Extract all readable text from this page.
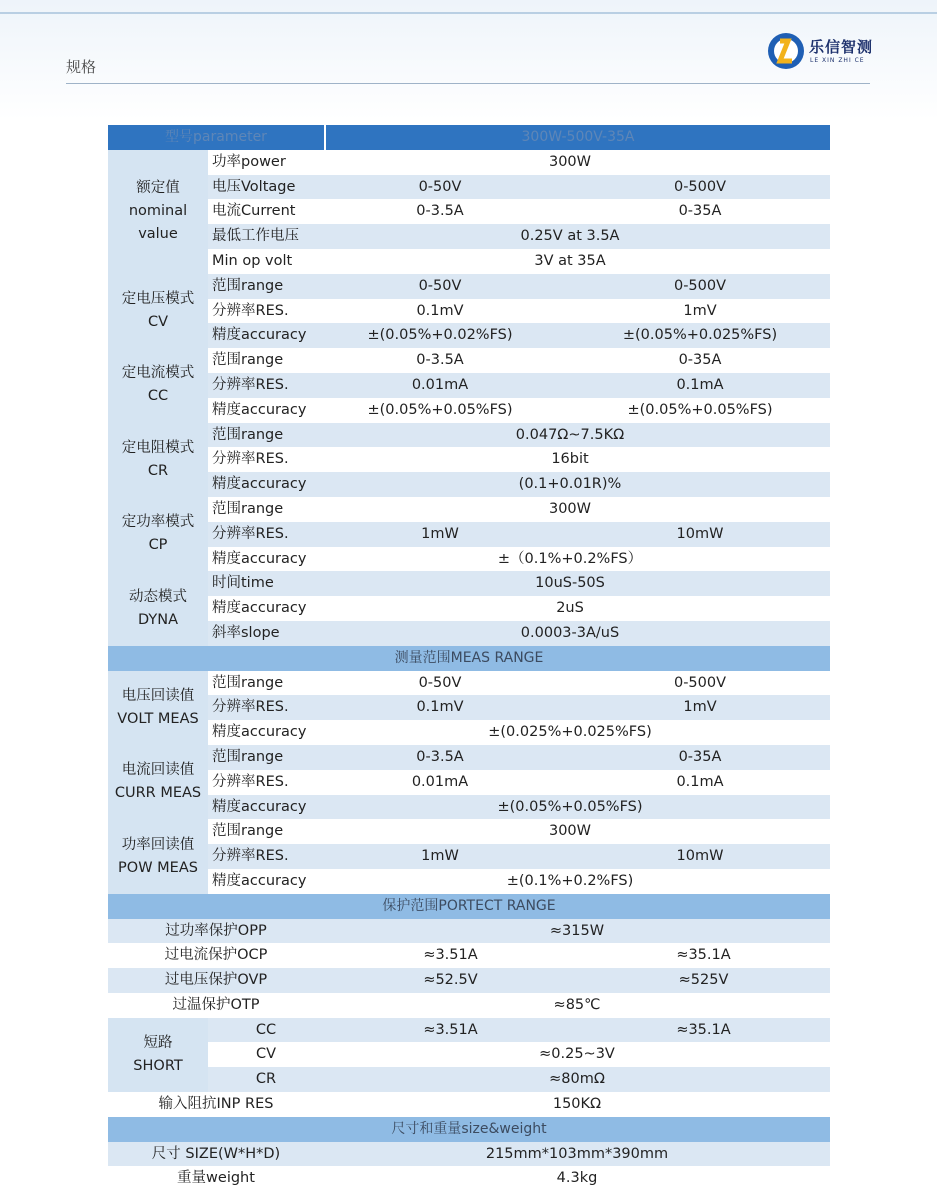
规格
乐信智测
LE XIN ZHI CE
型号parameter	300W-500V-35A
额定值
nominal
value
功率power	300W
电压Voltage	0-50V	0-500V
电流Current	0-3.5A	0-35A
最低工作电压	0.25V at 3.5A
Min op volt	3V at 35A
定电压模式
CV
范围range	0-50V	0-500V
分辨率RES.	0.1mV	1mV
精度accuracy	±(0.05%+0.02%FS)	±(0.05%+0.025%FS)
定电流模式
CC
范围range	0-3.5A	0-35A
分辨率RES.	0.01mA	0.1mA
精度accuracy	±(0.05%+0.05%FS)	±(0.05%+0.05%FS)
定电阻模式
CR
范围range	0.047Ω~7.5KΩ
分辨率RES.	16bit
精度accuracy	(0.1+0.01R)%
定功率模式
CP
范围range	300W
分辨率RES.	1mW	10mW
精度accuracy	±（0.1%+0.2%FS）
动态模式
DYNA
时间time	10uS-50S
精度accuracy	2uS
斜率slope	0.0003-3A/uS
测量范围MEAS RANGE
电压回读值
VOLT MEAS
范围range	0-50V	0-500V
分辨率RES.	0.1mV	1mV
精度accuracy	±(0.025%+0.025%FS)
电流回读值
CURR MEAS
范围range	0-3.5A	0-35A
分辨率RES.	0.01mA	0.1mA
精度accuracy	±(0.05%+0.05%FS)
功率回读值
POW MEAS
范围range	300W
分辨率RES.	1mW	10mW
精度accuracy	±(0.1%+0.2%FS)
保护范围PORTECT RANGE
过功率保护OPP	≈315W
过电流保护OCP	≈3.51A	≈35.1A
过电压保护OVP	≈52.5V	≈525V
过温保护OTP	≈85℃
短路
SHORT
CC	≈3.51A	≈35.1A
CV	≈0.25~3V
CR	≈80mΩ
输入阻抗INP RES	150KΩ
尺寸和重量size&weight
尺寸 SIZE(W*H*D)	215mm*103mm*390mm
重量weight	4.3kg
